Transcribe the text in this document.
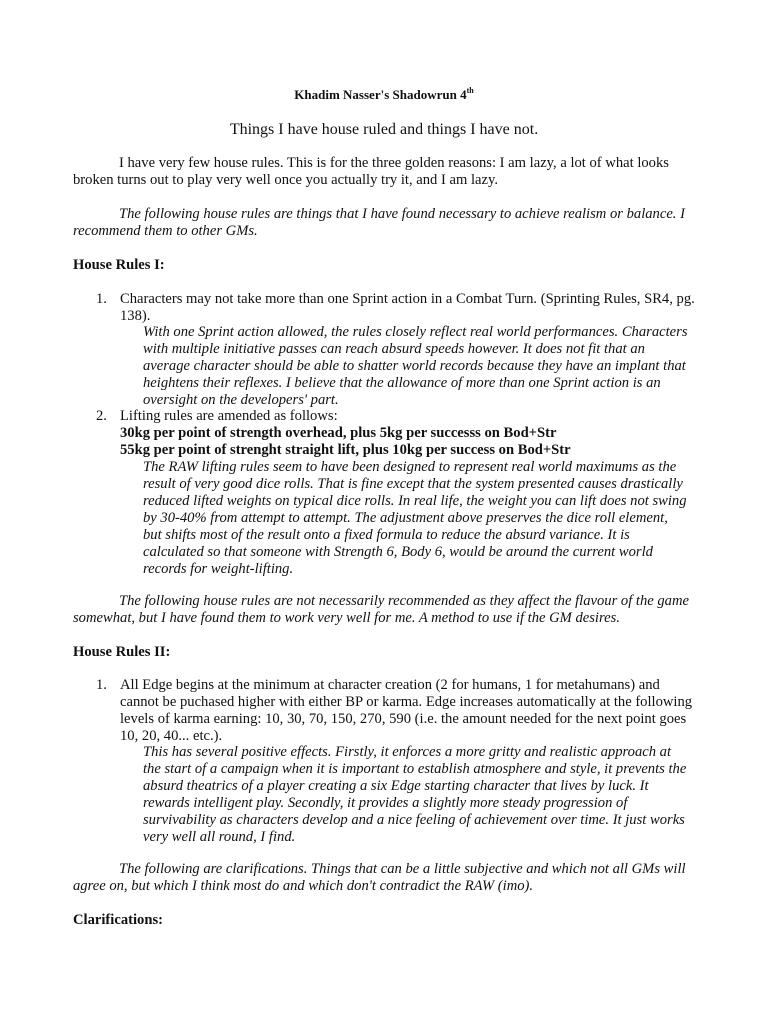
Khadim Nasser's Shadowrun 4th
Things I have house ruled and things I have not.

I have very few house rules. This is for the three golden reasons: I am lazy, a lot of what looks broken turns out to play very well once you actually try it, and I am lazy.

The following house rules are things that I have found necessary to achieve realism or balance. I recommend them to other GMs.

House Rules I:
1. Characters may not take more than one Sprint action in a Combat Turn. (Sprinting Rules, SR4, pg. 138).
With one Sprint action allowed, the rules closely reflect real world performances. Characters with multiple initiative passes can reach absurd speeds however. It does not fit that an average character should be able to shatter world records because they have an implant that heightens their reflexes. I believe that the allowance of more than one Sprint action is an oversight on the developers' part.
2. Lifting rules are amended as follows:
30kg per point of strength overhead, plus 5kg per successs on Bod+Str
55kg per point of strenght straight lift, plus 10kg per success on Bod+Str
The RAW lifting rules seem to have been designed to represent real world maximums as the result of very good dice rolls. That is fine except that the system presented causes drastically reduced lifted weights on typical dice rolls. In real life, the weight you can lift does not swing by 30-40% from attempt to attempt. The adjustment above preserves the dice roll element, but shifts most of the result onto a fixed formula to reduce the absurd variance. It is calculated so that someone with Strength 6, Body 6, would be around the current world records for weight-lifting.

The following house rules are not necessarily recommended as they affect the flavour of the game somewhat, but I have found them to work very well for me. A method to use if the GM desires.

House Rules II:
1. All Edge begins at the minimum at character creation (2 for humans, 1 for metahumans) and cannot be puchased higher with either BP or karma. Edge increases automatically at the following levels of karma earning: 10, 30, 70, 150, 270, 590 (i.e. the amount needed for the next point goes 10, 20, 40... etc.).
This has several positive effects. Firstly, it enforces a more gritty and realistic approach at the start of a campaign when it is important to establish atmosphere and style, it prevents the absurd theatrics of a player creating a six Edge starting character that lives by luck. It rewards intelligent play. Secondly, it provides a slightly more steady progression of survivability as characters develop and a nice feeling of achievement over time. It just works very well all round, I find.

The following are clarifications. Things that can be a little subjective and which not all GMs will agree on, but which I think most do and which don't contradict the RAW (imo).

Clarifications:
